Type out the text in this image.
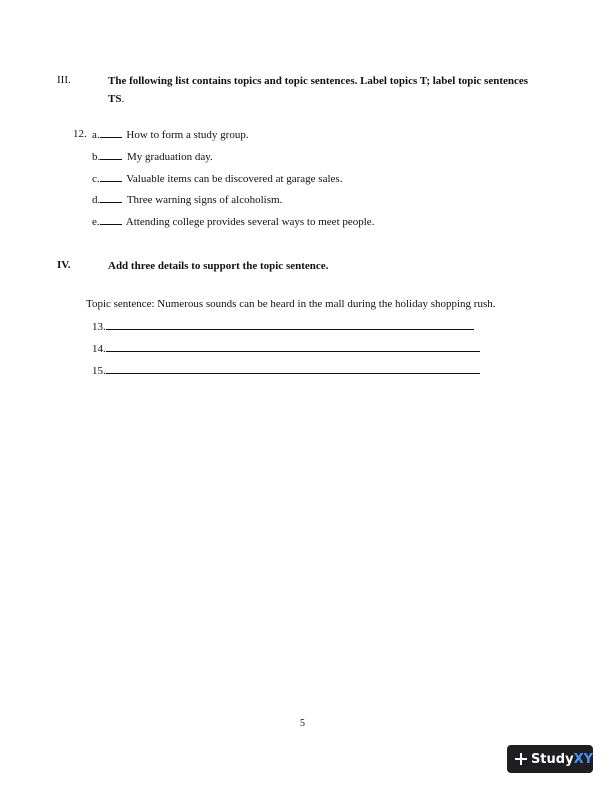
III.	The following list contains topics and topic sentences. Label topics T; label topic sentences TS.
12. a. How to form a study group.
b. My graduation day.
c. Valuable items can be discovered at garage sales.
d. Three warning signs of alcoholism.
e. Attending college provides several ways to meet people.
IV.	Add three details to support the topic sentence.
Topic sentence: Numerous sounds can be heard in the mall during the holiday shopping rush.
13.
14.
15.
5
Study XY
